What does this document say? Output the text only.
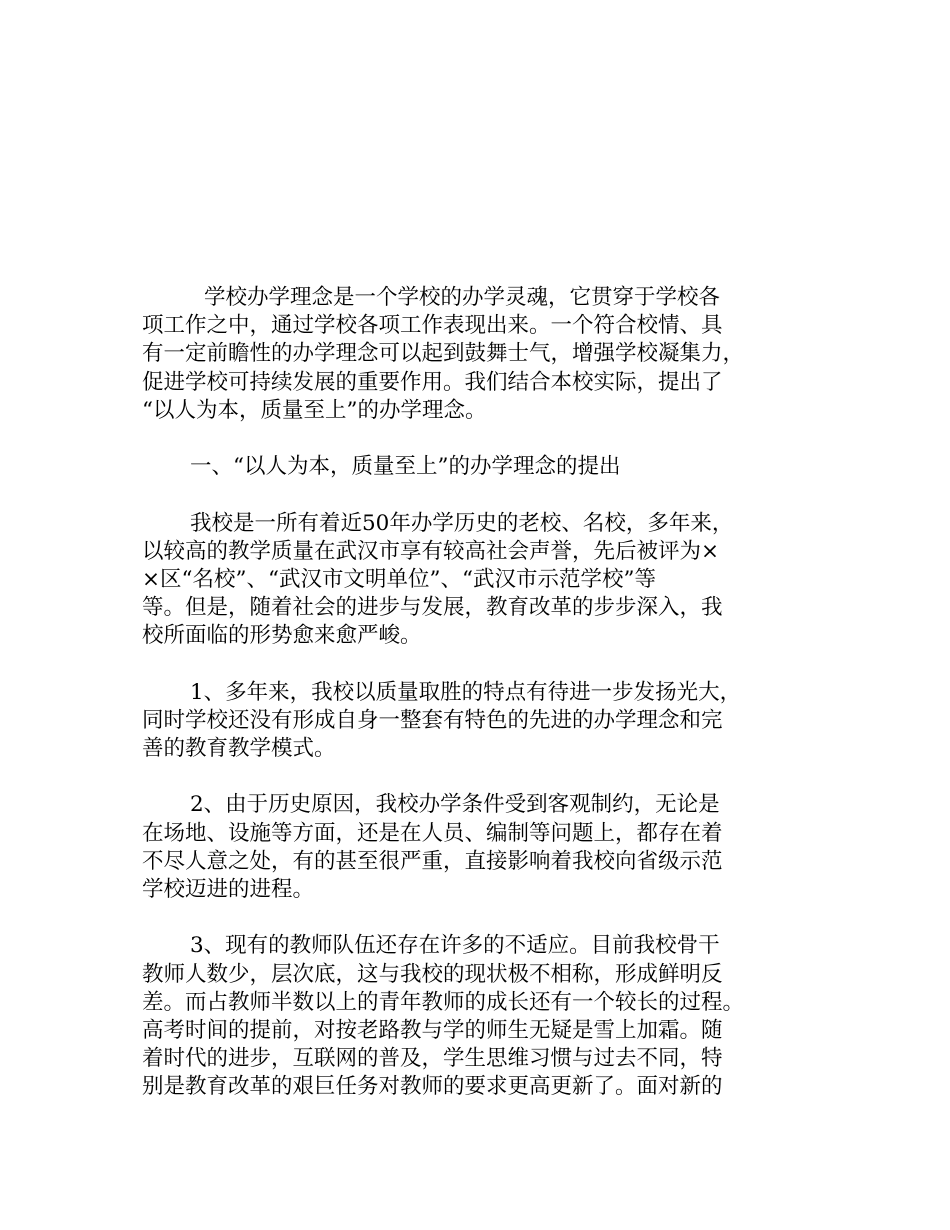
学校办学理念是一个学校的办学灵魂，它贯穿于学校各
项工作之中，通过学校各项工作表现出来。一个符合校情、具
有一定前瞻性的办学理念可以起到鼓舞士气，增强学校凝集力，
促进学校可持续发展的重要作用。我们结合本校实际，提出了
“以人为本，质量至上”的办学理念。
一、“以人为本，质量至上”的办学理念的提出
我校是一所有着近50年办学历史的老校、名校，多年来，
以较高的教学质量在武汉市享有较高社会声誉，先后被评为×
×区“名校”、“武汉市文明单位”、“武汉市示范学校”等
等。但是，随着社会的进步与发展，教育改革的步步深入，我
校所面临的形势愈来愈严峻。
1、多年来，我校以质量取胜的特点有待进一步发扬光大，
同时学校还没有形成自身一整套有特色的先进的办学理念和完
善的教育教学模式。
2、由于历史原因，我校办学条件受到客观制约，无论是
在场地、设施等方面，还是在人员、编制等问题上，都存在着
不尽人意之处，有的甚至很严重，直接影响着我校向省级示范
学校迈进的进程。
3、现有的教师队伍还存在许多的不适应。目前我校骨干
教师人数少，层次底，这与我校的现状极不相称，形成鲜明反
差。而占教师半数以上的青年教师的成长还有一个较长的过程。
高考时间的提前，对按老路教与学的师生无疑是雪上加霜。随
着时代的进步，互联网的普及，学生思维习惯与过去不同，特
别是教育改革的艰巨任务对教师的要求更高更新了。面对新的
